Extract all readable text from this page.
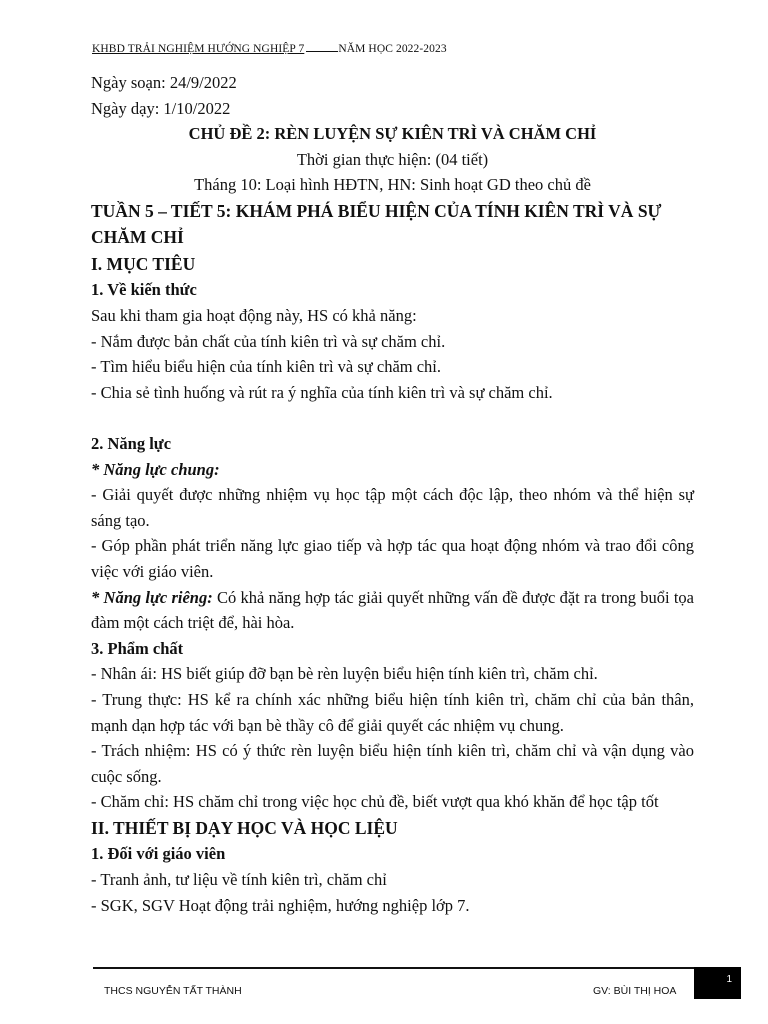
KHBD TRẢI NGHIỆM HƯỚNG NGHIỆP 7	NĂM HỌC 2022-2023

Ngày soạn: 24/9/2022

Ngày dạy: 1/10/2022

CHỦ ĐỀ 2: RÈN LUYỆN SỰ KIÊN TRÌ VÀ CHĂM CHỈ

Thời gian thực hiện: (04 tiết)

Tháng 10: Loại hình HĐTN, HN: Sinh hoạt GD theo chủ đề

TUẦN 5 – TIẾT 5: KHÁM PHÁ BIỂU HIỆN CỦA TÍNH KIÊN TRÌ VÀ SỰ CHĂM CHỈ

I. MỤC TIÊU

1. Về kiến thức

Sau khi tham gia hoạt động này, HS có khả năng:

- Nắm được bản chất của tính kiên trì và sự chăm chỉ.

- Tìm hiểu biểu hiện của tính kiên trì và sự chăm chỉ.

- Chia sẻ tình huống và rút ra ý nghĩa của tính kiên trì và sự chăm chỉ.

2. Năng lực

* Năng lực chung:

- Giải quyết được những nhiệm vụ học tập một cách độc lập, theo nhóm và thể hiện sự sáng tạo.

- Góp phần phát triển năng lực giao tiếp và hợp tác qua hoạt động nhóm và trao đổi công việc với giáo viên.

* Năng lực riêng: Có khả năng hợp tác giải quyết những vấn đề được đặt ra trong buổi tọa đàm một cách triệt để, hài hòa.

3. Phẩm chất

- Nhân ái: HS biết giúp đỡ bạn bè rèn luyện biểu hiện tính kiên trì, chăm chỉ.

- Trung thực: HS kể ra chính xác những biểu hiện tính kiên trì, chăm chỉ của bản thân, mạnh dạn hợp tác với bạn bè thầy cô để giải quyết các nhiệm vụ chung.

- Trách nhiệm: HS có ý thức rèn luyện biểu hiện tính kiên trì, chăm chỉ và vận dụng vào cuộc sống.

- Chăm chỉ: HS chăm chỉ trong việc học chủ đề, biết vượt qua khó khăn để học tập tốt

II. THIẾT BỊ DẠY HỌC VÀ HỌC LIỆU

1. Đối với giáo viên

- Tranh ảnh, tư liệu về tính kiên trì, chăm chỉ

- SGK, SGV Hoạt động trải nghiệm, hướng nghiệp lớp 7.

THCS NGUYỄN TẤT THÀNH	GV: BÙI THỊ HOA
1
